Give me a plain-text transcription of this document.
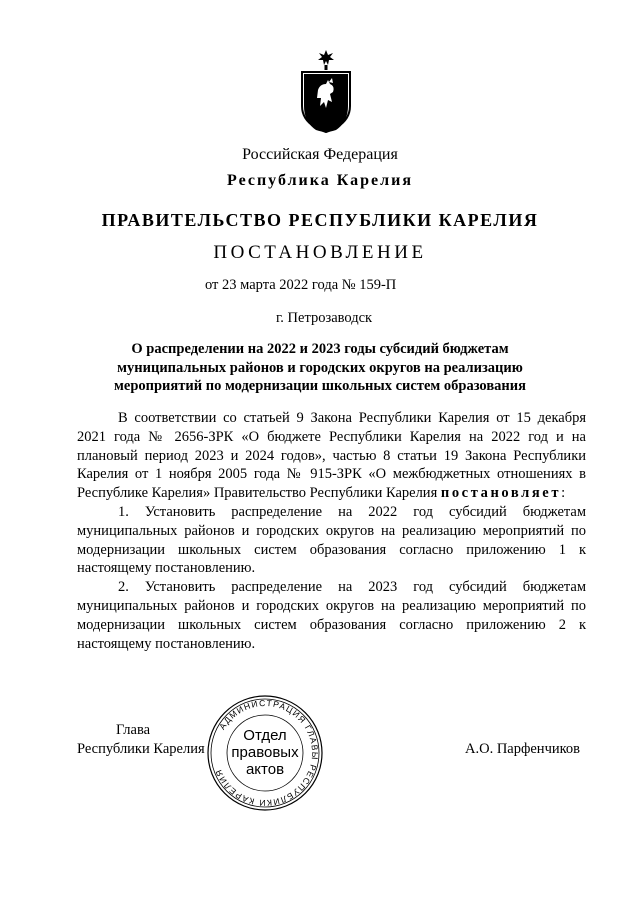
Российская Федерация
Республика Карелия
ПРАВИТЕЛЬСТВО РЕСПУБЛИКИ КАРЕЛИЯ
ПОСТАНОВЛЕНИЕ
от 23 марта 2022 года № 159-П
г. Петрозаводск
О распределении на 2022 и 2023 годы субсидий бюджетам
муниципальных районов и городских округов на реализацию
мероприятий по модернизации школьных систем образования

В соответствии со статьей 9 Закона Республики Карелия от 15 декабря 2021 года № 2656-ЗРК «О бюджете Республики Карелия на 2022 год и на плановый период 2023 и 2024 годов», частью 8 статьи 19 Закона Республики Карелия от 1 ноября 2005 года № 915-ЗРК «О межбюджетных отношениях в Республике Карелия» Правительство Республики Карелия постановляет:

1. Установить распределение на 2022 год субсидий бюджетам муниципальных районов и городских округов на реализацию мероприятий по модернизации школьных систем образования согласно приложению 1 к настоящему постановлению.

2. Установить распределение на 2023 год субсидий бюджетам муниципальных районов и городских округов на реализацию мероприятий по модернизации школьных систем образования согласно приложению 2 к настоящему постановлению.

Глава
Республики Карелия	А.О. Парфенчиков
АДМИНИСТРАЦИЯ ГЛАВЫ РЕСПУБЛИКИ КАРЕЛИЯ
Отдел
правовых
актов
